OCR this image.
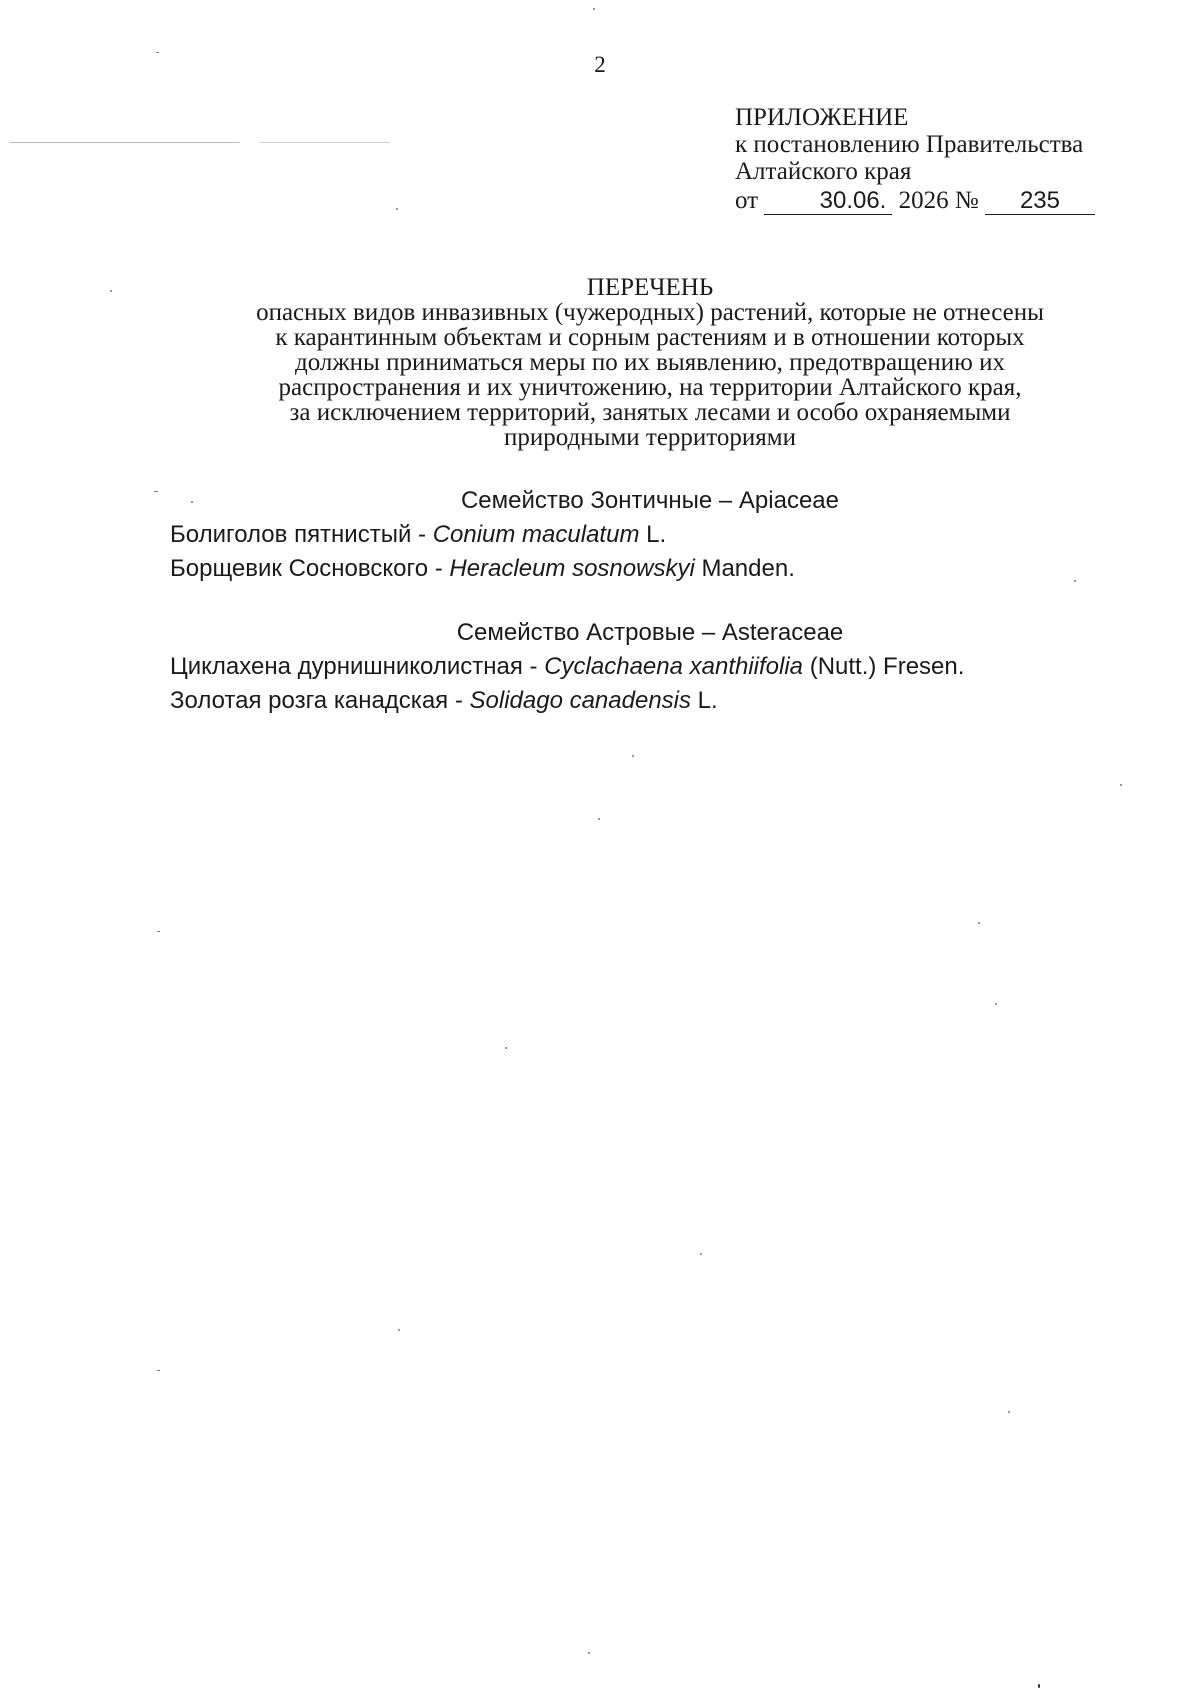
2
ПРИЛОЖЕНИЕ
к постановлению Правительства
Алтайского края
от	30.06. 2026 № 235
ПЕРЕЧЕНЬ
опасных видов инвазивных (чужеродных) растений, которые не отнесены
к карантинным объектам и сорным растениям и в отношении которых
должны приниматься меры по их выявлению, предотвращению их
распространения и их уничтожению, на территории Алтайского края,
за исключением территорий, занятых лесами и особо охраняемыми
природными территориями
Семейство Зонтичные – Apiaceae
Болиголов пятнистый - Conium maculatum L.
Борщевик Сосновского - Heracleum sosnowskyi Manden.
Семейство Астровые – Asteraceae
Циклахена дурнишниколистная - Cyclachaena xanthiifolia (Nutt.) Fresen.
Золотая розга канадская - Solidago canadensis L.
